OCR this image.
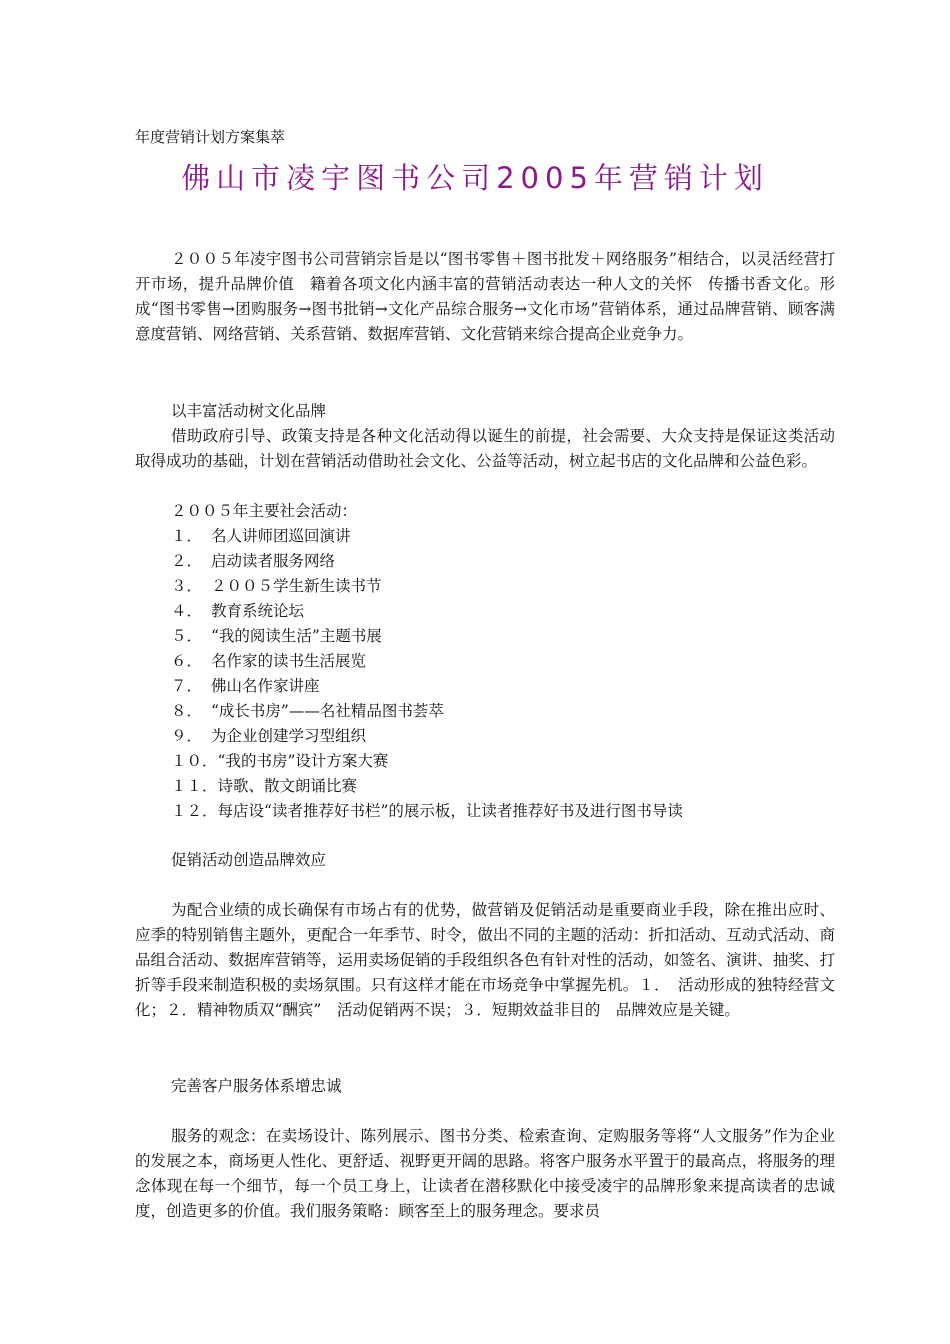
年度营销计划方案集萃
佛山市凌宇图书公司2005年营销计划
２００５年凌宇图书公司营销宗旨是以“图书零售＋图书批发＋网络服务”相结合，以灵活经营打开市场，提升品牌价值　籍着各项文化内涵丰富的营销活动表达一种人文的关怀　传播书香文化。形成“图书零售→团购服务→图书批销→文化产品综合服务→文化市场”营销体系，通过品牌营销、顾客满意度营销、网络营销、关系营销、数据库营销、文化营销来综合提高企业竞争力。
以丰富活动树文化品牌
借助政府引导、政策支持是各种文化活动得以诞生的前提，社会需要、大众支持是保证这类活动取得成功的基础，计划在营销活动借助社会文化、公益等活动，树立起书店的文化品牌和公益色彩。
２００５年主要社会活动：
１． 名人讲师团巡回演讲
２． 启动读者服务网络
３． ２００５学生新生读书节
４． 教育系统论坛
５． “我的阅读生活”主题书展
６． 名作家的读书生活展览
７． 佛山名作家讲座
８． “成长书房”——名社精品图书荟萃
９． 为企业创建学习型组织
１０．“我的书房”设计方案大赛
１１．诗歌、散文朗诵比赛
１２．每店设“读者推荐好书栏”的展示板，让读者推荐好书及进行图书导读
促销活动创造品牌效应
为配合业绩的成长确保有市场占有的优势，做营销及促销活动是重要商业手段，除在推出应时、应季的特别销售主题外，更配合一年季节、时令，做出不同的主题的活动：折扣活动、互动式活动、商品组合活动、数据库营销等，运用卖场促销的手段组织各色有针对性的活动，如签名、演讲、抽奖、打折等手段来制造积极的卖场氛围。只有这样才能在市场竞争中掌握先机。１．　活动形成的独特经营文化；２．精神物质双“酬宾”　活动促销两不误；３．短期效益非目的　品牌效应是关键。
完善客户服务体系增忠诚
服务的观念：在卖场设计、陈列展示、图书分类、检索查询、定购服务等将“人文服务”作为企业的发展之本，商场更人性化、更舒适、视野更开阔的思路。将客户服务水平置于的最高点，将服务的理念体现在每一个细节，每一个员工身上，让读者在潜移默化中接受凌宇的品牌形象来提高读者的忠诚度，创造更多的价值。我们服务策略：顾客至上的服务理念。要求员
